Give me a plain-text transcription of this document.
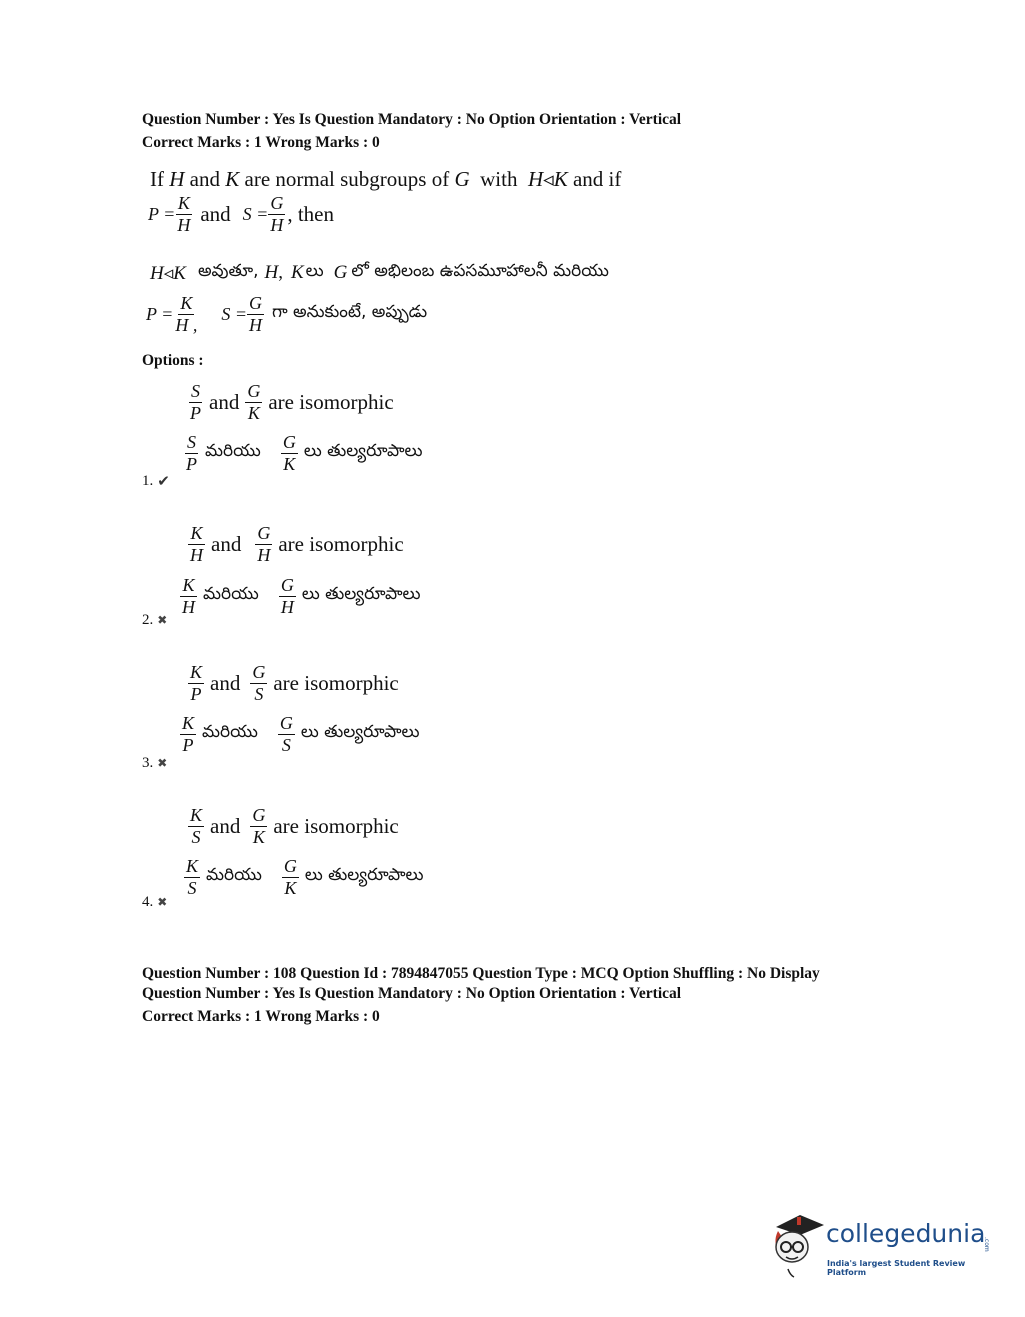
Question Number : Yes Is Question Mandatory : No Option Orientation : Vertical
Correct Marks : 1 Wrong Marks : 0
If H and K are normal subgroups of G with H◃K and if
$P = \frac{K}{H}$ and $S = \frac{G}{H}$ , then
H◃K అవుతూ, H , K లు G లో అభిలంబ ఉపసమూహాలనీ మరియు
$P = \frac{K}{H ,}$ $S = \frac{G}{H}$ గా అనుకుంటే, అప్పుడు
Options :
$\frac{S}{P}$ and $\frac{G}{K}$ are isomorphic
$\frac{S}{P}$ మరియు $\frac{G}{K}$ లు తుల్యరూపాలు
1. ✔
$\frac{K}{H}$ and $\frac{G}{H}$ are isomorphic
$\frac{K}{H}$ మరియు $\frac{G}{H}$ లు తుల్యరూపాలు
2. ✖
$\frac{K}{P}$ and $\frac{G}{S}$ are isomorphic
$\frac{K}{P}$ మరియు $\frac{G}{S}$ లు తుల్యరూపాలు
3. ✖
$\frac{K}{S}$ and $\frac{G}{K}$ are isomorphic
$\frac{K}{S}$ మరియు $\frac{G}{K}$ లు తుల్యరూపాలు
4. ✖
Question Number : 108 Question Id : 7894847055 Question Type : MCQ Option Shuffling : No Display
Question Number : Yes Is Question Mandatory : No Option Orientation : Vertical
Correct Marks : 1 Wrong Marks : 0
collegedunia
.com
India's largest Student Review Platform
